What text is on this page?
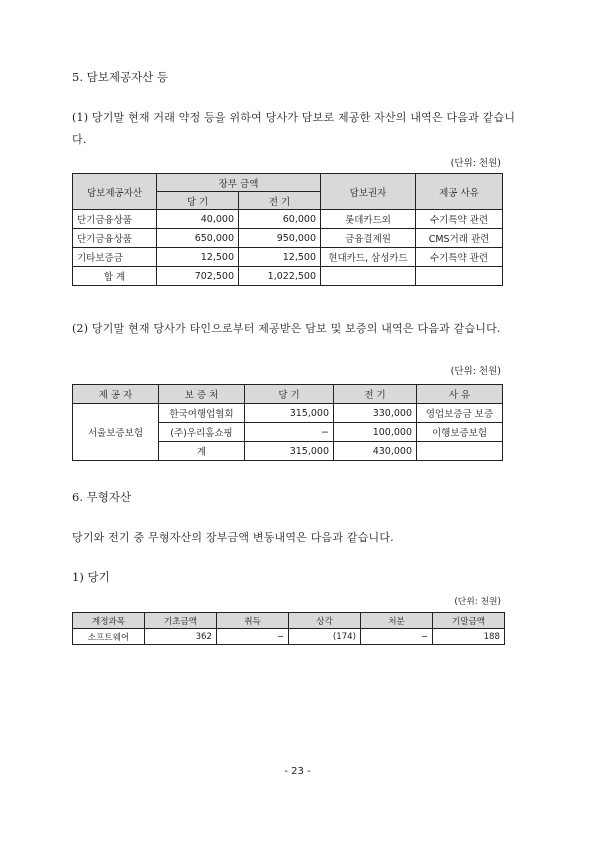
5. 담보제공자산 등
(1) 당기말 현재 거래 약정 등을 위하여 당사가 담보로 제공한 자산의 내역은 다음과 같습니다.
(단위: 천원)
담보제공자산	장부 금액		담보권자	제공 사유
	당 기	전 기		
단기금융상품	40,000	60,000	롯데카드외	수기특약 관련
단기금융상품	650,000	950,000	금융결제원	CMS거래 관련
기타보증금	12,500	12,500	현대카드, 삼성카드	수기특약 관련
합 계	702,500	1,022,500		
(2) 당기말 현재 당사가 타인으로부터 제공받은 담보 및 보증의 내역은 다음과 같습니다.
(단위: 천원)
제 공 자	보 증 처	당 기	전 기	사 유
서울보증보험	한국여행업협회	315,000	330,000	영업보증금 보증
	(주)우리홈쇼핑	−	100,000	이행보증보험
	계	315,000	430,000	
6. 무형자산
당기와 전기 중 무형자산의 장부금액 변동내역은 다음과 같습니다.
1) 당기
(단위: 천원)
계정과목	기초금액	취득	상각	처분	기말금액
소프트웨어	362	−	(174)	−	188
- 23 -
